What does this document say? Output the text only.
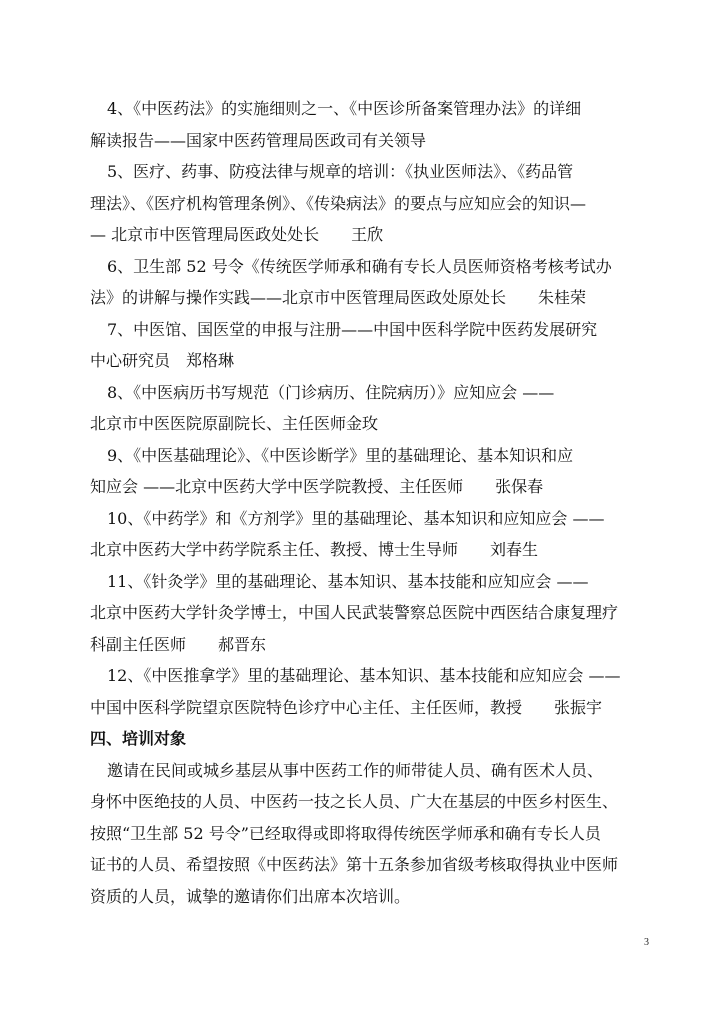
4、《中医药法》的实施细则之一、《中医诊所备案管理办法》的详细
解读报告——国家中医药管理局医政司有关领导
5、医疗、药事、防疫法律与规章的培训：《执业医师法》、《药品管
理法》、《医疗机构管理条例》、《传染病法》的要点与应知应会的知识—
— 北京市中医管理局医政处处长　　王欣
6、卫生部 52 号令《传统医学师承和确有专长人员医师资格考核考试办
法》的讲解与操作实践——北京市中医管理局医政处原处长　　朱桂荣
7、中医馆、国医堂的申报与注册——中国中医科学院中医药发展研究
中心研究员　郑格琳
8、《中医病历书写规范（门诊病历、住院病历）》应知应会 ——
北京市中医医院原副院长、主任医师金玫
9、《中医基础理论》、《中医诊断学》里的基础理论、基本知识和应
知应会 ——北京中医药大学中医学院教授、主任医师　　张保春
10、《中药学》和《方剂学》里的基础理论、基本知识和应知应会 ——
北京中医药大学中药学院系主任、教授、博士生导师　　刘春生
11、《针灸学》里的基础理论、基本知识、基本技能和应知应会 ——
北京中医药大学针灸学博士，中国人民武装警察总医院中西医结合康复理疗
科副主任医师　　郝晋东
12、《中医推拿学》里的基础理论、基本知识、基本技能和应知应会 ——
中国中医科学院望京医院特色诊疗中心主任、主任医师，教授　　张振宇
四、培训对象
邀请在民间或城乡基层从事中医药工作的师带徒人员、确有医术人员、
身怀中医绝技的人员、中医药一技之长人员、广大在基层的中医乡村医生、
按照“卫生部 52 号令”已经取得或即将取得传统医学师承和确有专长人员
证书的人员、希望按照《中医药法》第十五条参加省级考核取得执业中医师
资质的人员，诚挚的邀请你们出席本次培训。
3
